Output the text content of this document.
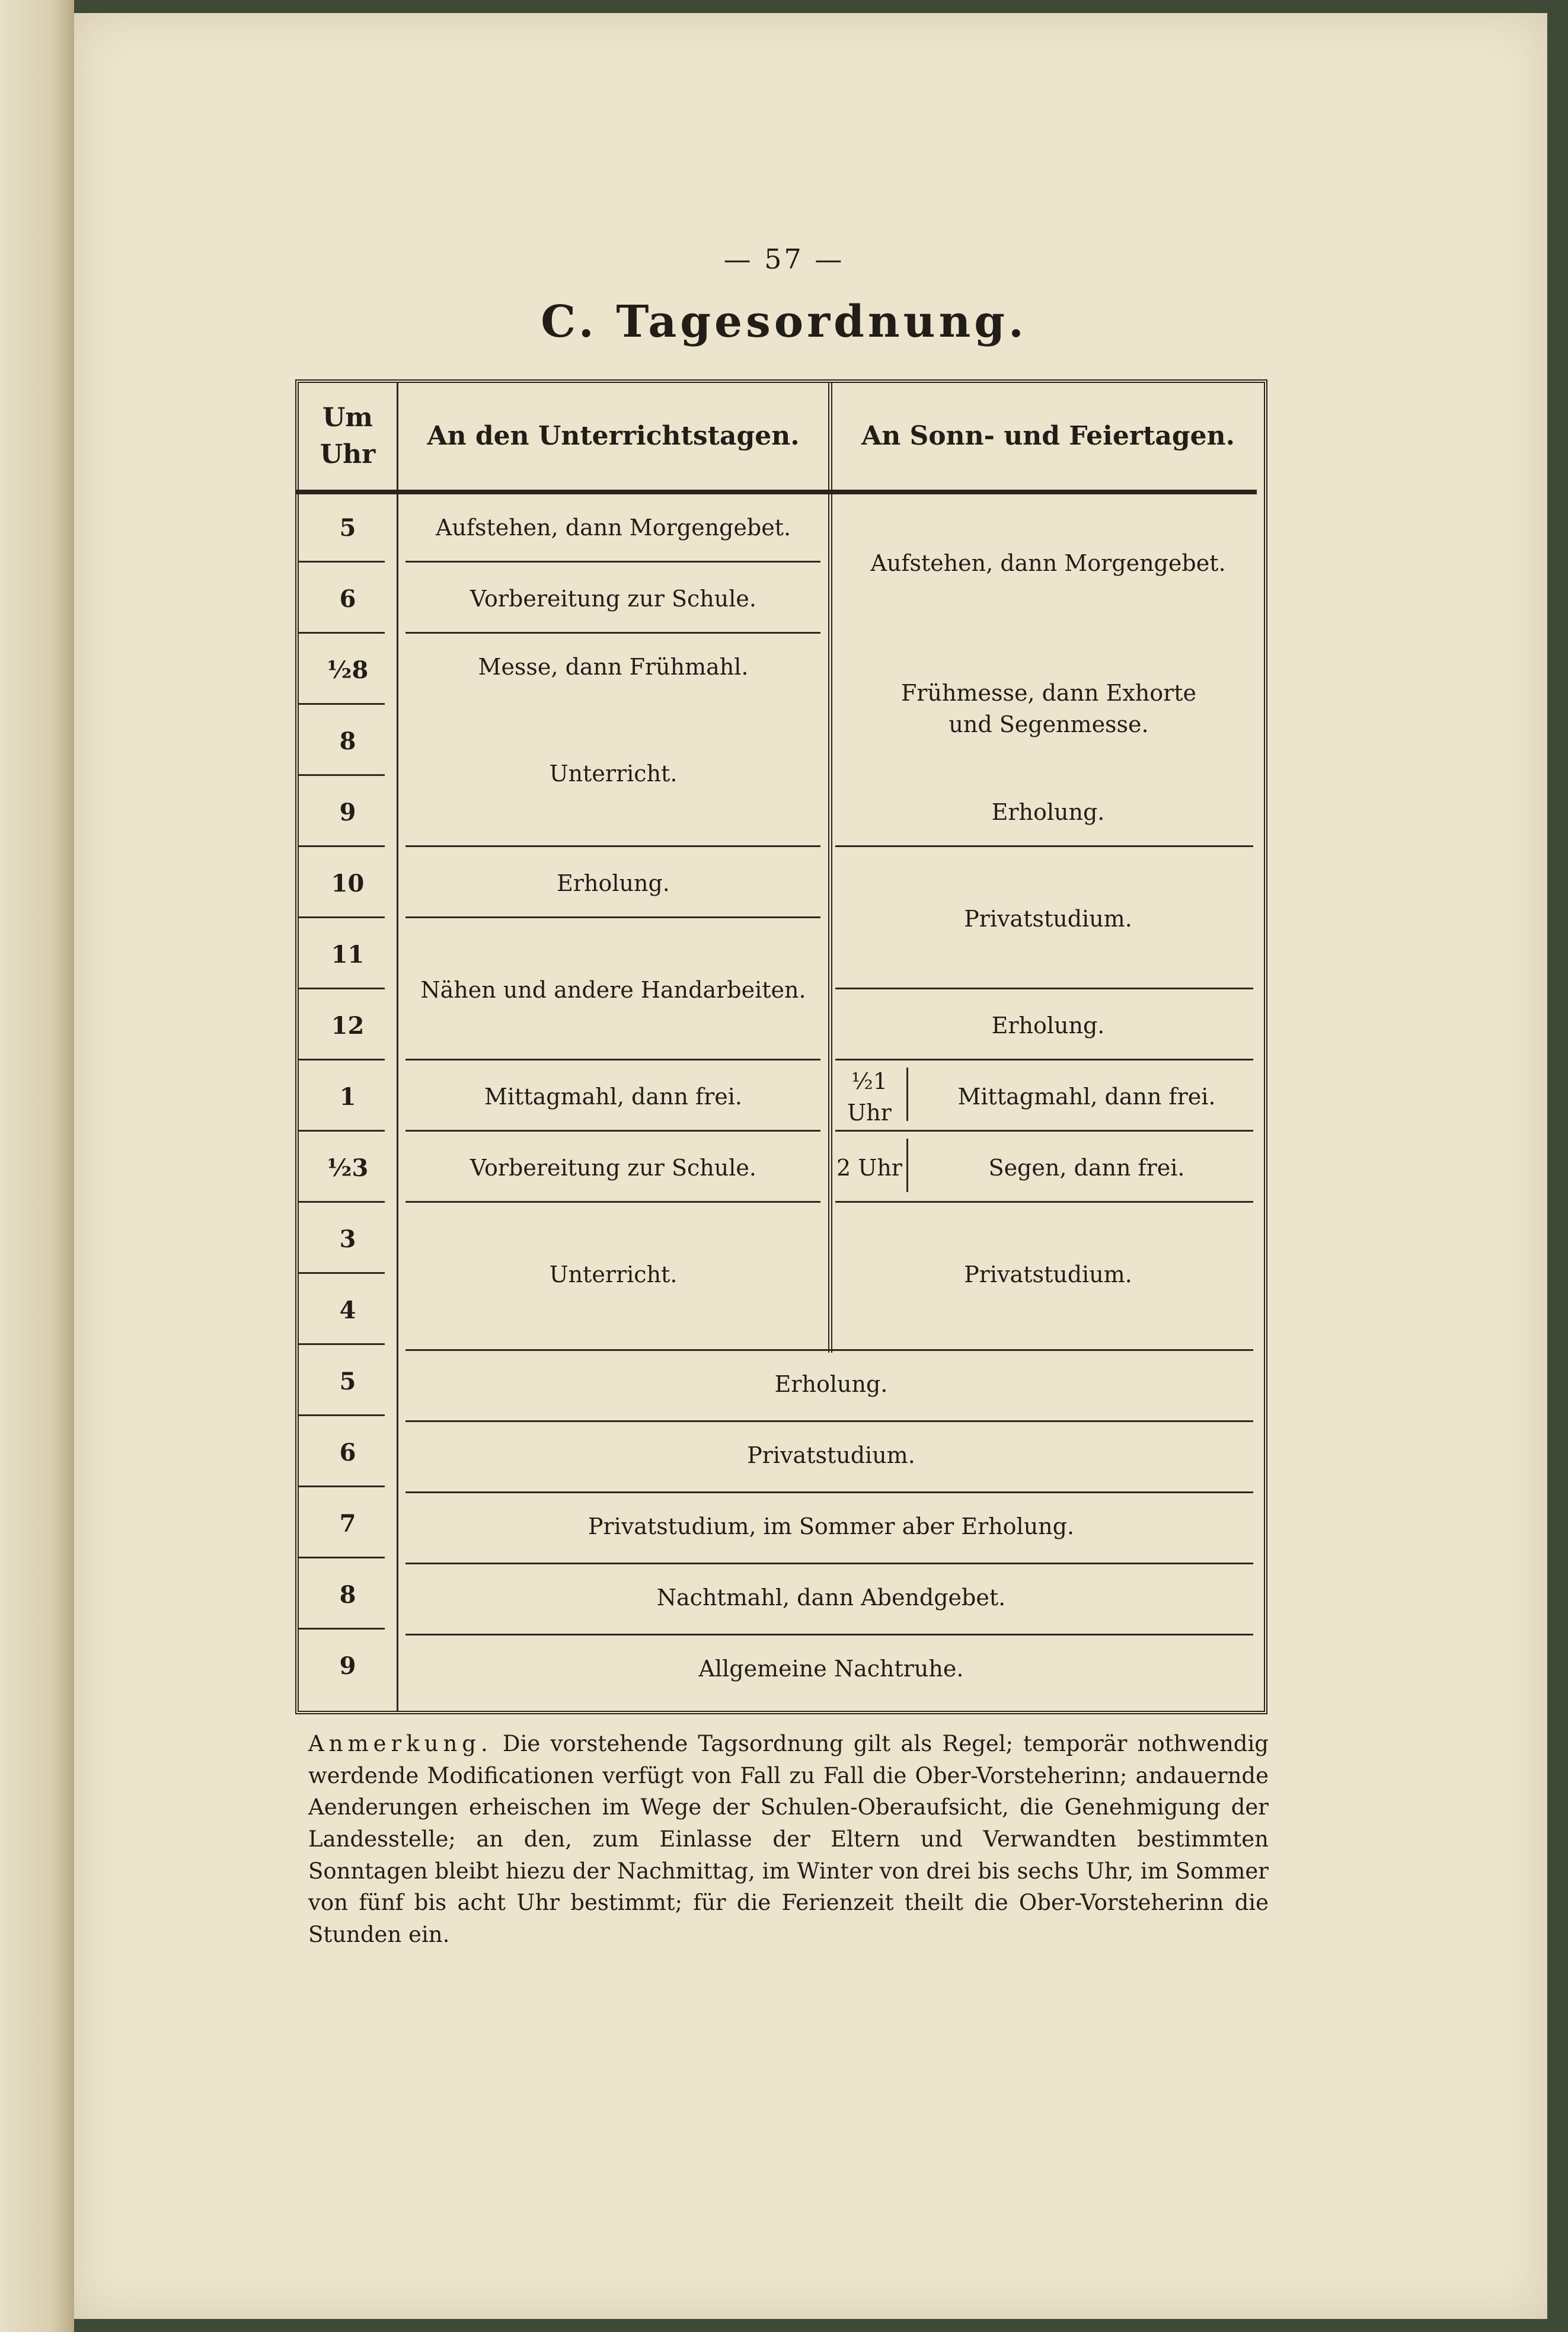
— 57 —
C. Tagesordnung.
Um Uhr
An den Unterrichtstagen.	An Sonn- und Feiertagen.
5
6
½8
8
9
10
11
12
1
½3
3
4
5
6
7
8
9
Aufstehen, dann Morgengebet.
Vorbereitung zur Schule.
Messe, dann Frühmahl.
Unterricht.
Erholung.
Nähen und andere Handarbeiten.
Mittagmahl, dann frei.
Vorbereitung zur Schule.
Unterricht.
Aufstehen, dann Morgengebet.
Frühmesse, dann Exhorte und Segenmesse.
Erholung.
Privatstudium.
Erholung.
½1 Uhr
Mittagmahl, dann frei.
2 Uhr	Segen, dann frei.
Privatstudium.
Erholung.
Privatstudium.
Privatstudium, im Sommer aber Erholung.
Nachtmahl, dann Abendgebet.
Allgemeine Nachtruhe.
Anmerkung. Die vorstehende Tagsordnung gilt als Regel; temporär nothwendig werdende Modificationen verfügt von Fall zu Fall die Ober-Vorsteherinn; andauernde Aenderungen erheischen im Wege der Schulen-Oberaufsicht, die Genehmigung der Landesstelle; an den, zum Einlasse der Eltern und Verwandten bestimmten Sonntagen bleibt hiezu der Nachmittag, im Winter von drei bis sechs Uhr, im Sommer von fünf bis acht Uhr bestimmt; für die Ferienzeit theilt die Ober-Vorsteherinn die Stunden ein.
